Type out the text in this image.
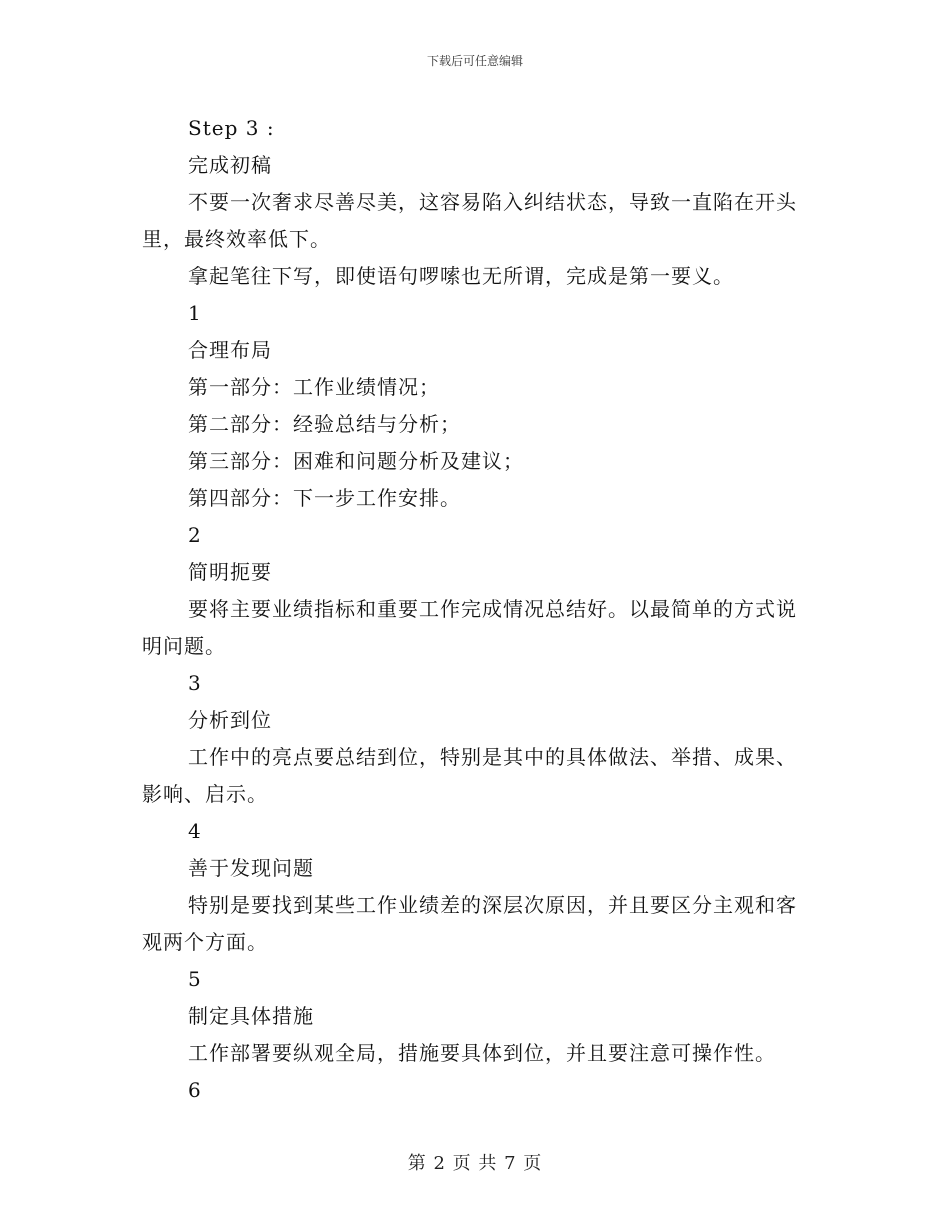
下载后可任意编辑

Step 3 :

完成初稿

不要一次奢求尽善尽美，这容易陷入纠结状态，导致一直陷在开头里，最终效率低下。

拿起笔往下写，即使语句啰嗦也无所谓，完成是第一要义。

1

合理布局

第一部分：工作业绩情况；

第二部分：经验总结与分析；

第三部分：困难和问题分析及建议；

第四部分：下一步工作安排。

2

简明扼要

要将主要业绩指标和重要工作完成情况总结好。以最简单的方式说明问题。

3

分析到位

工作中的亮点要总结到位，特别是其中的具体做法、举措、成果、影响、启示。

4

善于发现问题

特别是要找到某些工作业绩差的深层次原因，并且要区分主观和客观两个方面。

5

制定具体措施

工作部署要纵观全局，措施要具体到位，并且要注意可操作性。

6

第 2 页 共 7 页
